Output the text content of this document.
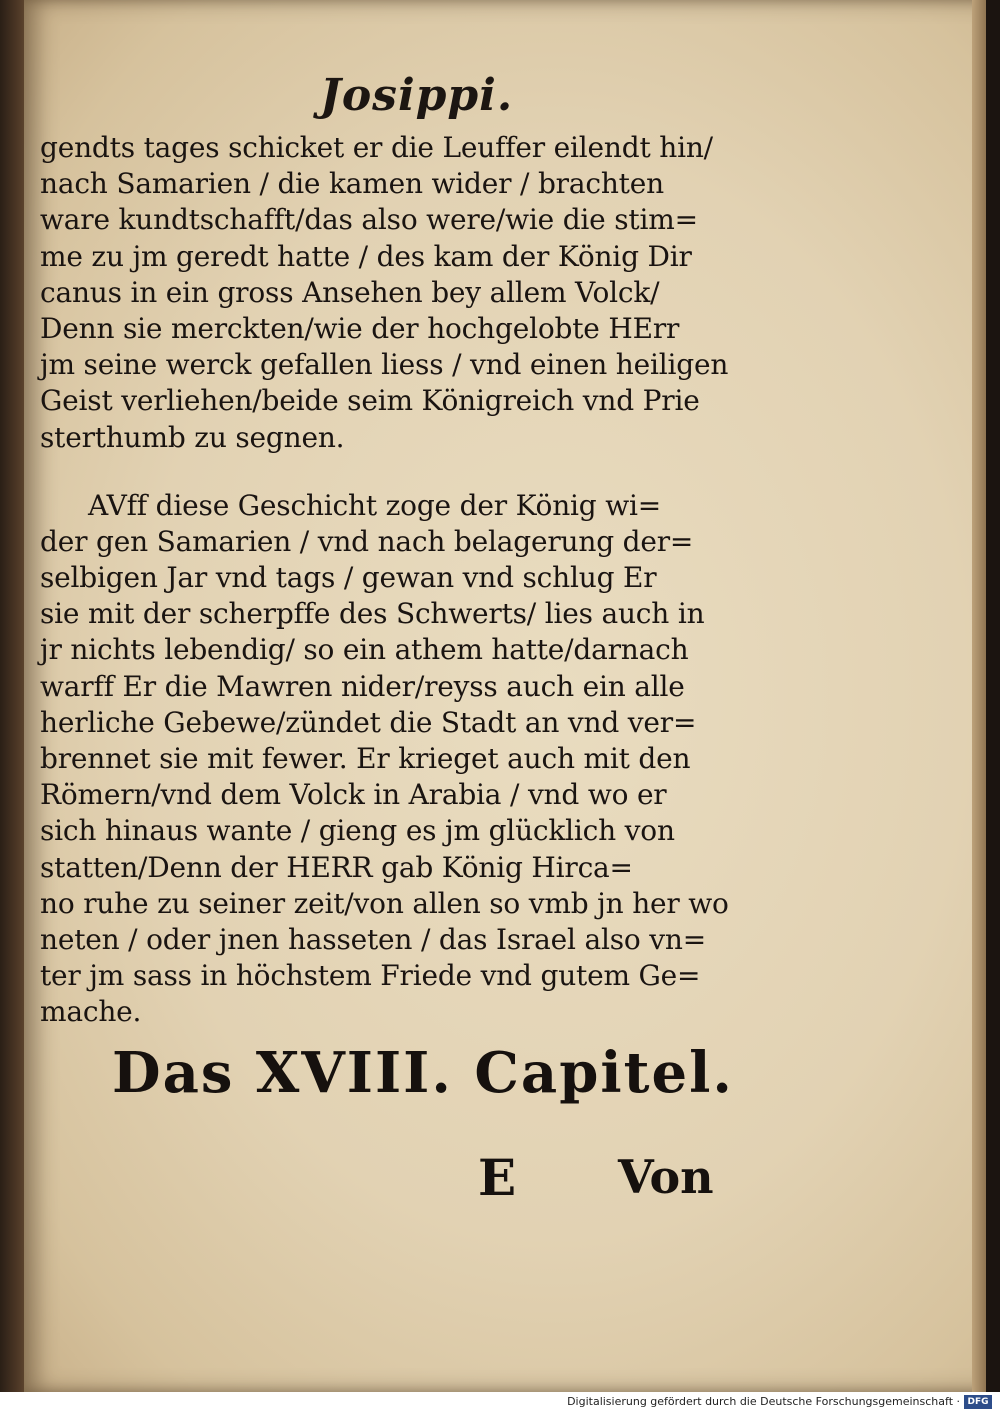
Josippi.
gendts tages schicket er die Leuffer eilendt hin/
nach Samarien / die kamen wider / brachten
ware kundtschafft/das also were/wie die stim=
me zu jm geredt hatte / des kam der König Dir
canus in ein gross Ansehen bey allem Volck/
Denn sie merckten/wie der hochgelobte HErr
jm seine werck gefallen liess / vnd einen heiligen
Geist verliehen/beide seim Königreich vnd Prie
sterthumb zu segnen.
AVff diese Geschicht zoge der König wi=
der gen Samarien / vnd nach belagerung der=
selbigen Jar vnd tags / gewan vnd schlug Er
sie mit der scherpffe des Schwerts/ lies auch in
jr nichts lebendig/ so ein athem hatte/darnach
warff Er die Mawren nider/reyss auch ein alle
herliche Gebewe/zündet die Stadt an vnd ver=
brennet sie mit fewer. Er krieget auch mit den
Römern/vnd dem Volck in Arabia / vnd wo er
sich hinaus wante / gieng es jm glücklich von
statten/Denn der HERR gab König Hirca=
no ruhe zu seiner zeit/von allen so vmb jn her wo
neten / oder jnen hasseten / das Israel also vn=
ter jm sass in höchstem Friede vnd gutem Ge=
mache.
Das XVIII. Capitel.
E Von
Digitalisierung gefördert durch die Deutsche Forschungsgemeinschaft · DFG
